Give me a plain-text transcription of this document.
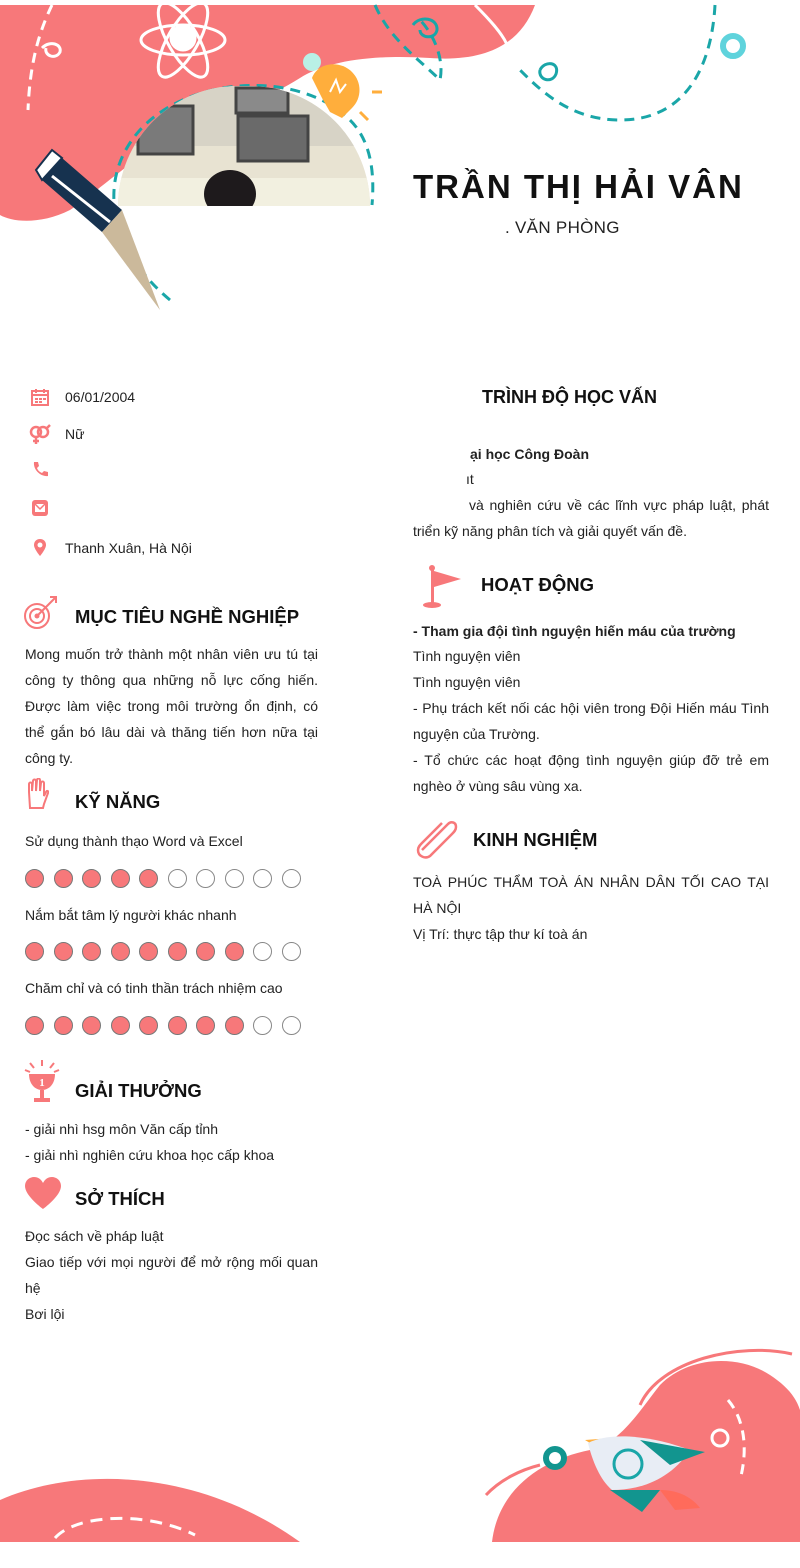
TRẦN THỊ HẢI VÂN
. VĂN PHÒNG
06/01/2004
Nữ
Thanh Xuân, Hà Nội
MỤC TIÊU NGHỀ NGHIỆP
Mong muốn trở thành một nhân viên ưu tú tại công ty thông qua những nỗ lực cống hiến. Được làm việc trong môi trường ổn định, có thể gắn bó lâu dài và thăng tiến hơn nữa tại công ty.
KỸ NĂNG
Sử dụng thành thạo Word và Excel
Nắm bắt tâm lý người khác nhanh
Chăm chỉ và có tinh thần trách nhiệm cao
1 GIẢI THƯỞNG

- giải nhì hsg môn Văn cấp tỉnh

- giải nhì nghiên cứu khoa học cấp khoa

SỞ THÍCH

Đọc sách về pháp luật

Giao tiếp với mọi người để mở rộng mối quan hệ

Bơi lội

TRÌNH ĐỘ HỌC VẤN
ại học Công Đoàn
ıt
và nghiên cứu về các lĩnh vực pháp luật, phát triển kỹ năng phân tích và giải quyết vấn đề.
HOẠT ĐỘNG
- Tham gia đội tình nguyện hiến máu của trường

Tình nguyện viên

Tình nguyện viên

- Phụ trách kết nối các hội viên trong Đội Hiến máu Tình nguyện của Trường.

- Tổ chức các hoạt động tình nguyện giúp đỡ trẻ em nghèo ở vùng sâu vùng xa.

KINH NGHIỆM
TOÀ PHÚC THẨM TOÀ ÁN NHÂN DÂN TỐI CAO TẠI HÀ NỘI
Vị Trí: thực tập thư kí toà án
